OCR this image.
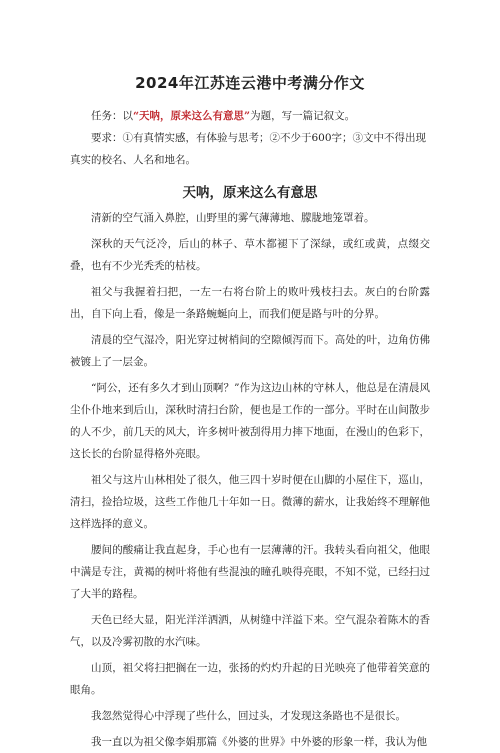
2024年江苏连云港中考满分作文

任务：以“天呐，原来这么有意思”为题，写一篇记叙文。

要求：①有真情实感，有体验与思考；②不少于600字；③文中不得出现真实的校名、人名和地名。

天呐，原来这么有意思

清新的空气涌入鼻腔，山野里的雾气薄薄地、朦胧地笼罩着。

深秋的天气泛冷，后山的林子、草木都褪下了深绿，或红或黄，点缀交叠，也有不少光秃秃的枯枝。

祖父与我握着扫把，一左一右将台阶上的败叶残枝扫去。灰白的台阶露出，自下向上看，像是一条路蜿蜒向上，而我们便是路与叶的分界。

清晨的空气湿冷，阳光穿过树梢间的空隙倾泻而下。高处的叶，边角仿佛被镀上了一层金。

“阿公，还有多久才到山顶啊？”作为这边山林的守林人，他总是在清晨风尘仆仆地来到后山，深秋时清扫台阶，便也是工作的一部分。平时在山间散步的人不少，前几天的风大，许多树叶被刮得用力摔下地面，在漫山的色彩下，这长长的台阶显得格外亮眼。

祖父与这片山林相处了很久，他三四十岁时便在山脚的小屋住下，巡山，清扫，捡拾垃圾，这些工作他几十年如一日。微薄的薪水，让我始终不理解他这样选择的意义。

腰间的酸痛让我直起身，手心也有一层薄薄的汗。我转头看向祖父，他眼中满是专注，黄褐的树叶将他有些混浊的瞳孔映得亮眼，不知不觉，已经扫过了大半的路程。

天色已经大显，阳光洋洋洒洒，从树缝中洋溢下来。空气混杂着陈木的香气，以及冷雾初散的水汽味。

山顶，祖父将扫把搁在一边，张扬的灼灼升起的日光映亮了他带着笑意的眼角。

我忽然觉得心中浮现了些什么，回过头，才发现这条路也不是很长。

我一直以为祖父像李娟那篇《外婆的世界》中外婆的形象一样，我认为他
